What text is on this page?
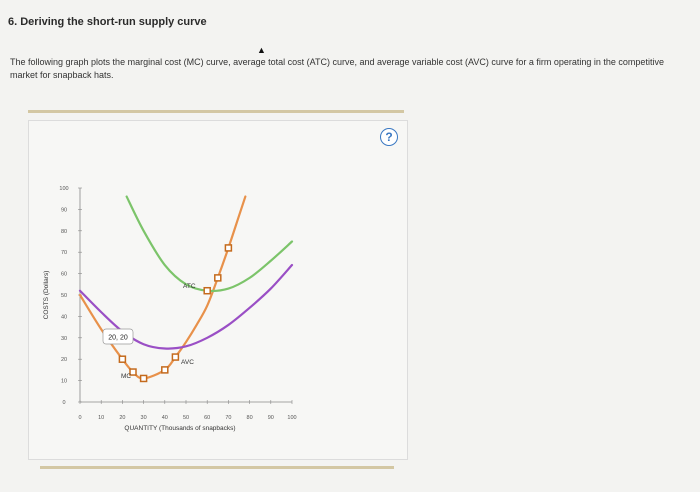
6. Deriving the short-run supply curve
▲
The following graph plots the marginal cost (MC) curve, average total cost (ATC) curve, and average variable cost (AVC) curve for a firm operating in the competitive market for snapback hats.
?
0
10
20
30
40
50
60
70
80
90
100
0	10	20	30	40	50	60	70	80	90 100
QUANTITY (Thousands of snapbacks)
COSTS (Dollars)
20, 20
MC
ATC
AVC
